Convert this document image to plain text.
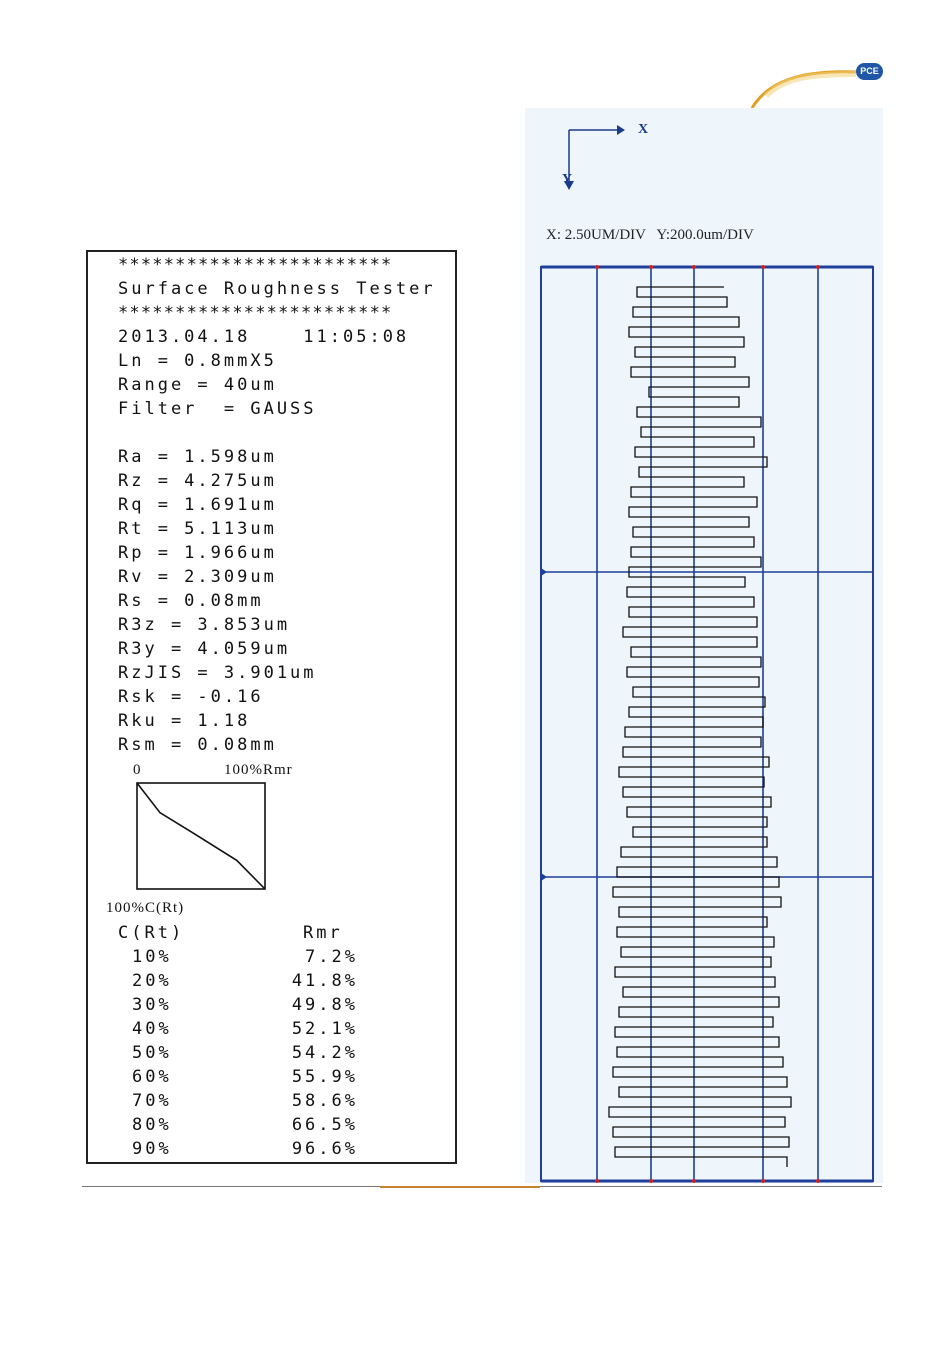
PCE
************************
Surface Roughness Tester
************************
2013.04.18    11:05:08
Ln = 0.8mmX5
Range = 40um
Filter  = GAUSS
Ra = 1.598um
Rz = 4.275um
Rq = 1.691um
Rt = 5.113um
Rp = 1.966um
Rv = 2.309um
Rs = 0.08mm
R3z = 3.853um
R3y = 4.059um
RzJIS = 3.901um
Rsk = -0.16
Rku = 1.18
Rsm = 0.08mm
0	100%Rmr
100%C(Rt)
C(Rt)	Rmr
10%	7.2%
20%	41.8%
30%	49.8%
40%	52.1%
50%	54.2%
60%	55.9%
70%	58.6%
80%	66.5%
90%	96.6%
X
Y
X: 2.50UM/DIV   Y:200.0um/DIV
